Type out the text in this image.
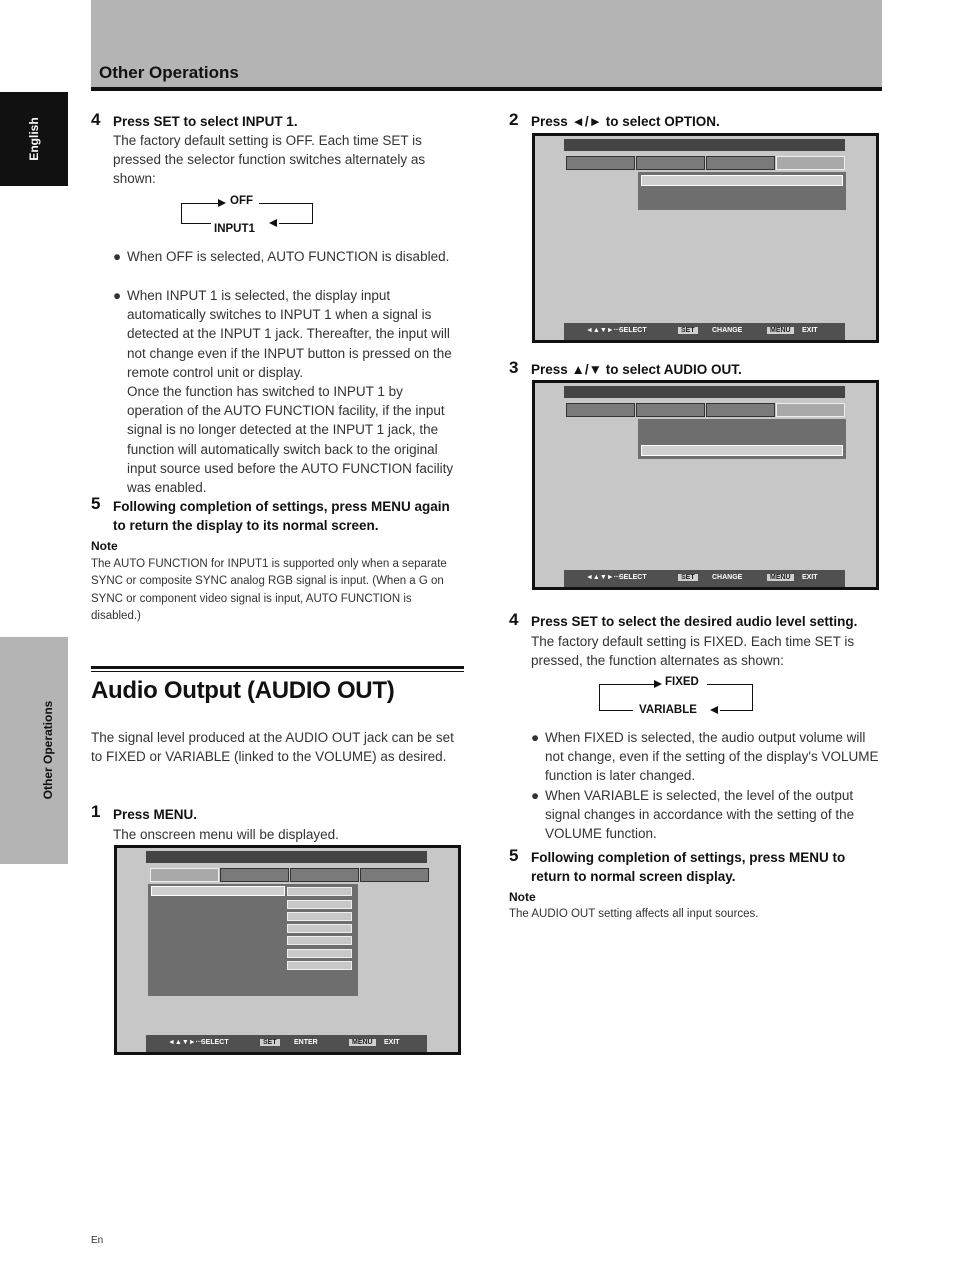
Other Operations
English
Other Operations
4 Press SET to select INPUT 1.
The factory default setting is OFF. Each time SET is pressed the selector function switches alternately as shown:
OFF
INPUT1
● When OFF is selected, AUTO FUNCTION is disabled.
● When INPUT 1 is selected, the display input automatically switches to INPUT 1 when a signal is detected at the INPUT 1 jack. Thereafter, the input will not change even if the INPUT button is pressed on the remote control unit or display.
Once the function has switched to INPUT 1 by operation of the AUTO FUNCTION facility, if the input signal is no longer detected at the INPUT 1 jack, the function will automatically switch back to the original input source used before the AUTO FUNCTION facility was enabled.
5 Following completion of settings, press MENU again to return the display to its normal screen.
Note
The AUTO FUNCTION for INPUT1 is supported only when a separate SYNC or composite SYNC analog RGB signal is input. (When a G on SYNC or component video signal is input, AUTO FUNCTION is disabled.)
Audio Output (AUDIO OUT)
The signal level produced at the AUDIO OUT jack can be set to FIXED or VARIABLE (linked to the VOLUME) as desired.
1 Press MENU.
The onscreen menu will be displayed.
◄▲▼►···
SELECT	SET	ENTER	MENU	EXIT
2 Press ◄/► to select OPTION.
◄▲▼►···
SELECT	SET	CHANGE	MENU	EXIT
3 Press ▲/▼ to select AUDIO OUT.
◄▲▼►···
SELECT	SET	CHANGE	MENU	EXIT
4 Press SET to select the desired audio level setting.
The factory default setting is FIXED. Each time SET is pressed, the function alternates as shown:
FIXED
VARIABLE
● When FIXED is selected, the audio output volume will not change, even if the setting of the display's VOLUME function is later changed.
● When VARIABLE is selected, the level of the output signal changes in accordance with the setting of the VOLUME function.
5 Following completion of settings, press MENU to return to normal screen display.
Note
The AUDIO OUT setting affects all input sources.
En
